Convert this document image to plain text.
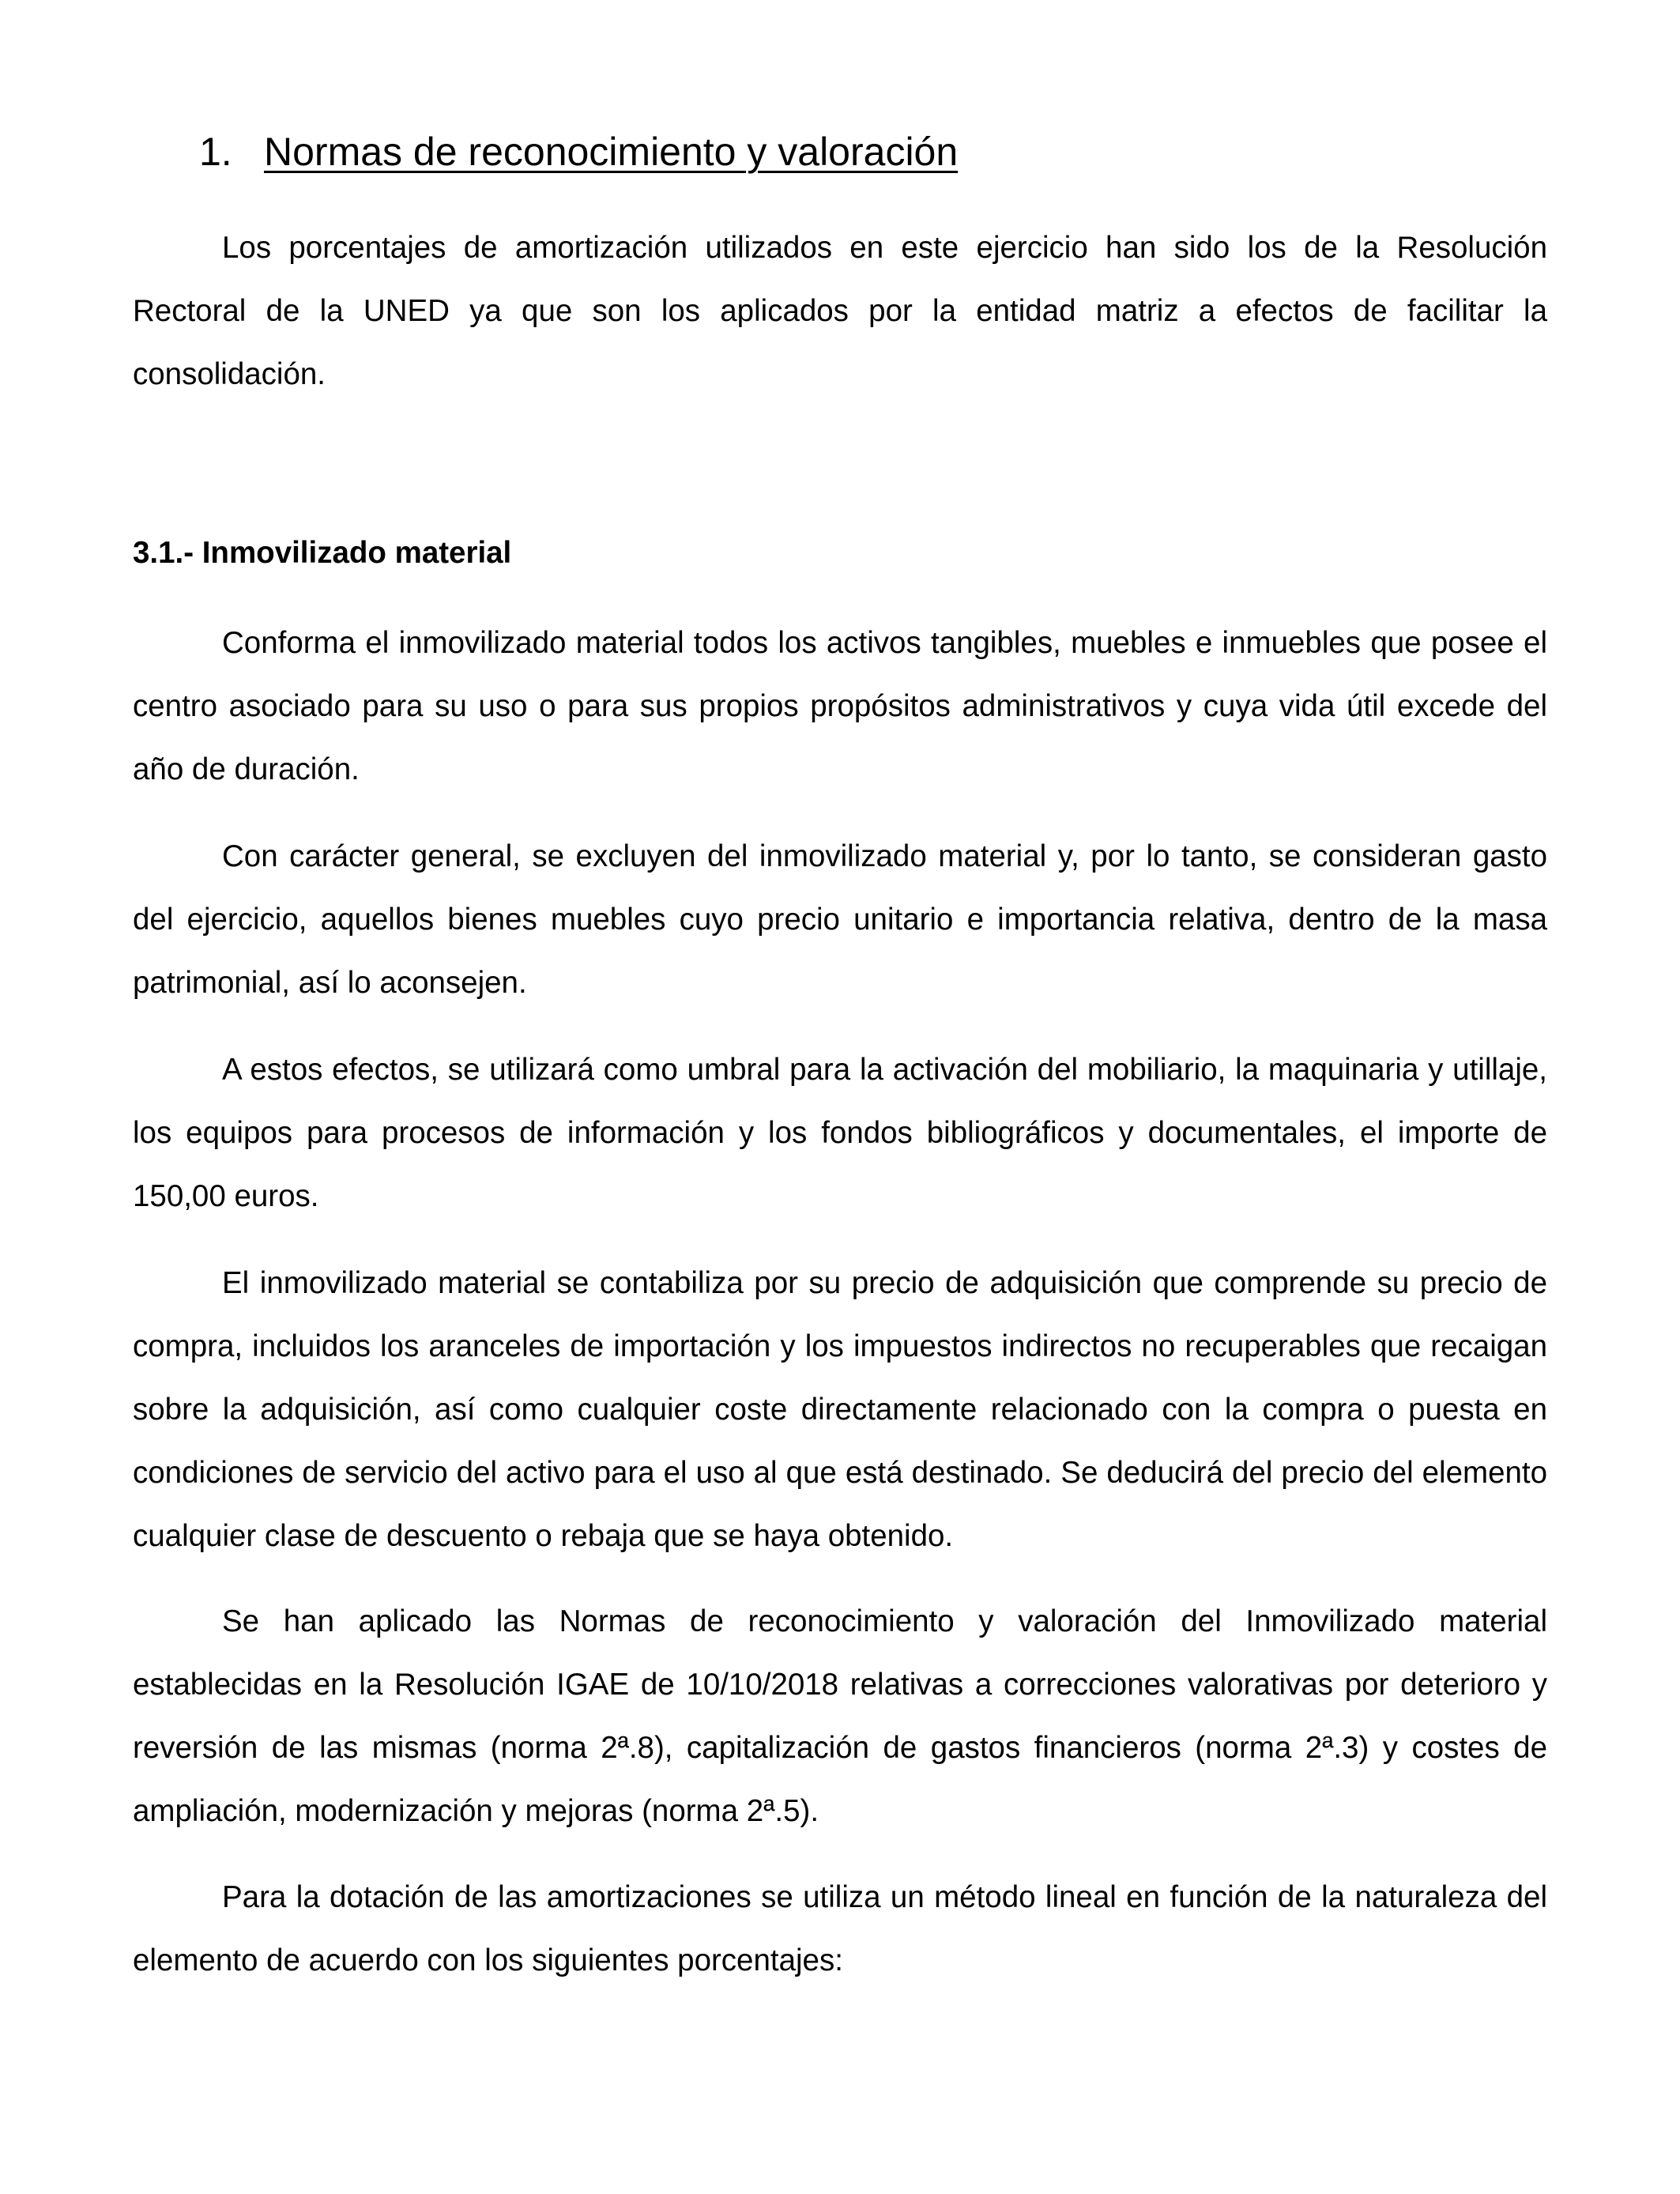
1. Normas de reconocimiento y valoración

Los porcentajes de amortización utilizados en este ejercicio han sido los de la Resolución Rectoral de la UNED ya que son los aplicados por la entidad matriz a efectos de facilitar la consolidación.

3.1.- Inmovilizado material

Conforma el inmovilizado material todos los activos tangibles, muebles e inmuebles que posee el centro asociado para su uso o para sus propios propósitos administrativos y cuya vida útil excede del año de duración.

Con carácter general, se excluyen del inmovilizado material y, por lo tanto, se consideran gasto del ejercicio, aquellos bienes muebles cuyo precio unitario e importancia relativa, dentro de la masa patrimonial, así lo aconsejen.

A estos efectos, se utilizará como umbral para la activación del mobiliario, la maquinaria y utillaje, los equipos para procesos de información y los fondos bibliográficos y documentales, el importe de 150,00 euros.

El inmovilizado material se contabiliza por su precio de adquisición que comprende su precio de compra, incluidos los aranceles de importación y los impuestos indirectos no recuperables que recaigan sobre la adquisición, así como cualquier coste directamente relacionado con la compra o puesta en condiciones de servicio del activo para el uso al que está destinado. Se deducirá del precio del elemento cualquier clase de descuento o rebaja que se haya obtenido.

Se han aplicado las Normas de reconocimiento y valoración del Inmovilizado material establecidas en la Resolución IGAE de 10/10/2018 relativas a correcciones valorativas por deterioro y reversión de las mismas (norma 2ª.8), capitalización de gastos financieros (norma 2ª.3) y costes de ampliación, modernización y mejoras (norma 2ª.5).

Para la dotación de las amortizaciones se utiliza un método lineal en función de la naturaleza del elemento de acuerdo con los siguientes porcentajes:
